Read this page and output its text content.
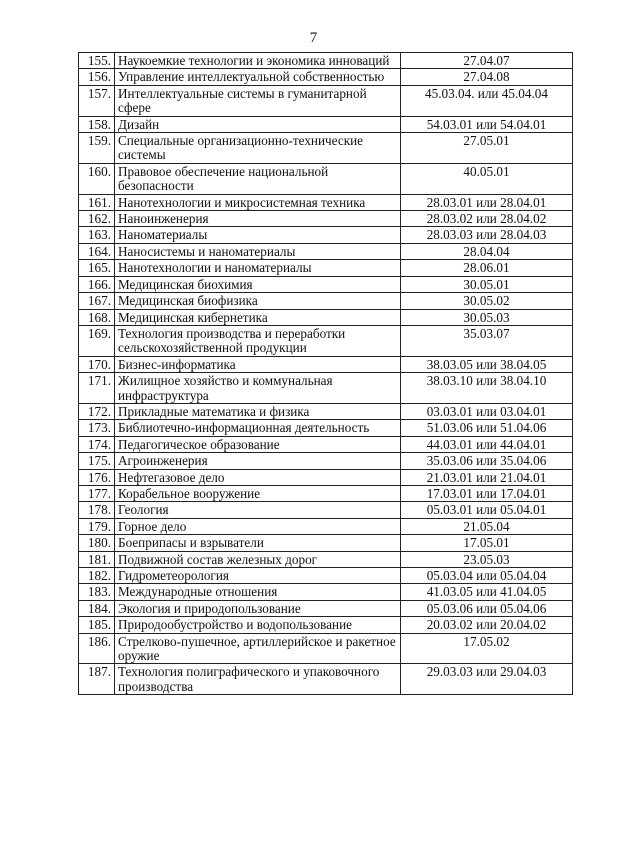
7
155.	Наукоемкие технологии и экономика инноваций	27.04.07
156.	Управление интеллектуальной собственностью	27.04.08
157.	Интеллектуальные системы в гуманитарной сфере	45.03.04. или 45.04.04
158.	Дизайн	54.03.01 или 54.04.01
159.	Специальные организационно-технические системы	27.05.01
160.	Правовое обеспечение национальной безопасности	40.05.01
161.	Нанотехнологии и микросистемная техника	28.03.01 или 28.04.01
162.	Наноинженерия	28.03.02 или 28.04.02
163.	Наноматериалы	28.03.03 или 28.04.03
164.	Наносистемы и наноматериалы	28.04.04
165.	Нанотехнологии и наноматериалы	28.06.01
166.	Медицинская биохимия	30.05.01
167.	Медицинская биофизика	30.05.02
168.	Медицинская кибернетика	30.05.03
169.	Технология производства и переработки сельскохозяйственной продукции	35.03.07
170.	Бизнес-информатика	38.03.05 или 38.04.05
171.	Жилищное хозяйство и коммунальная инфраструктура	38.03.10 или 38.04.10
172.	Прикладные математика и физика	03.03.01 или 03.04.01
173.	Библиотечно-информационная деятельность	51.03.06 или 51.04.06
174.	Педагогическое образование	44.03.01 или 44.04.01
175.	Агроинженерия	35.03.06 или 35.04.06
176.	Нефтегазовое дело	21.03.01 или 21.04.01
177.	Корабельное вооружение	17.03.01 или 17.04.01
178.	Геология	05.03.01 или 05.04.01
179.	Горное дело	21.05.04
180.	Боеприпасы и взрыватели	17.05.01
181.	Подвижной состав железных дорог	23.05.03
182.	Гидрометеорология	05.03.04 или 05.04.04
183.	Международные отношения	41.03.05 или 41.04.05
184.	Экология и природопользование	05.03.06 или 05.04.06
185.	Природообустройство и водопользование	20.03.02 или 20.04.02
186.	Стрелково-пушечное, артиллерийское и ракетное оружие	17.05.02
187.	Технология полиграфического и упаковочного производства	29.03.03 или 29.04.03
